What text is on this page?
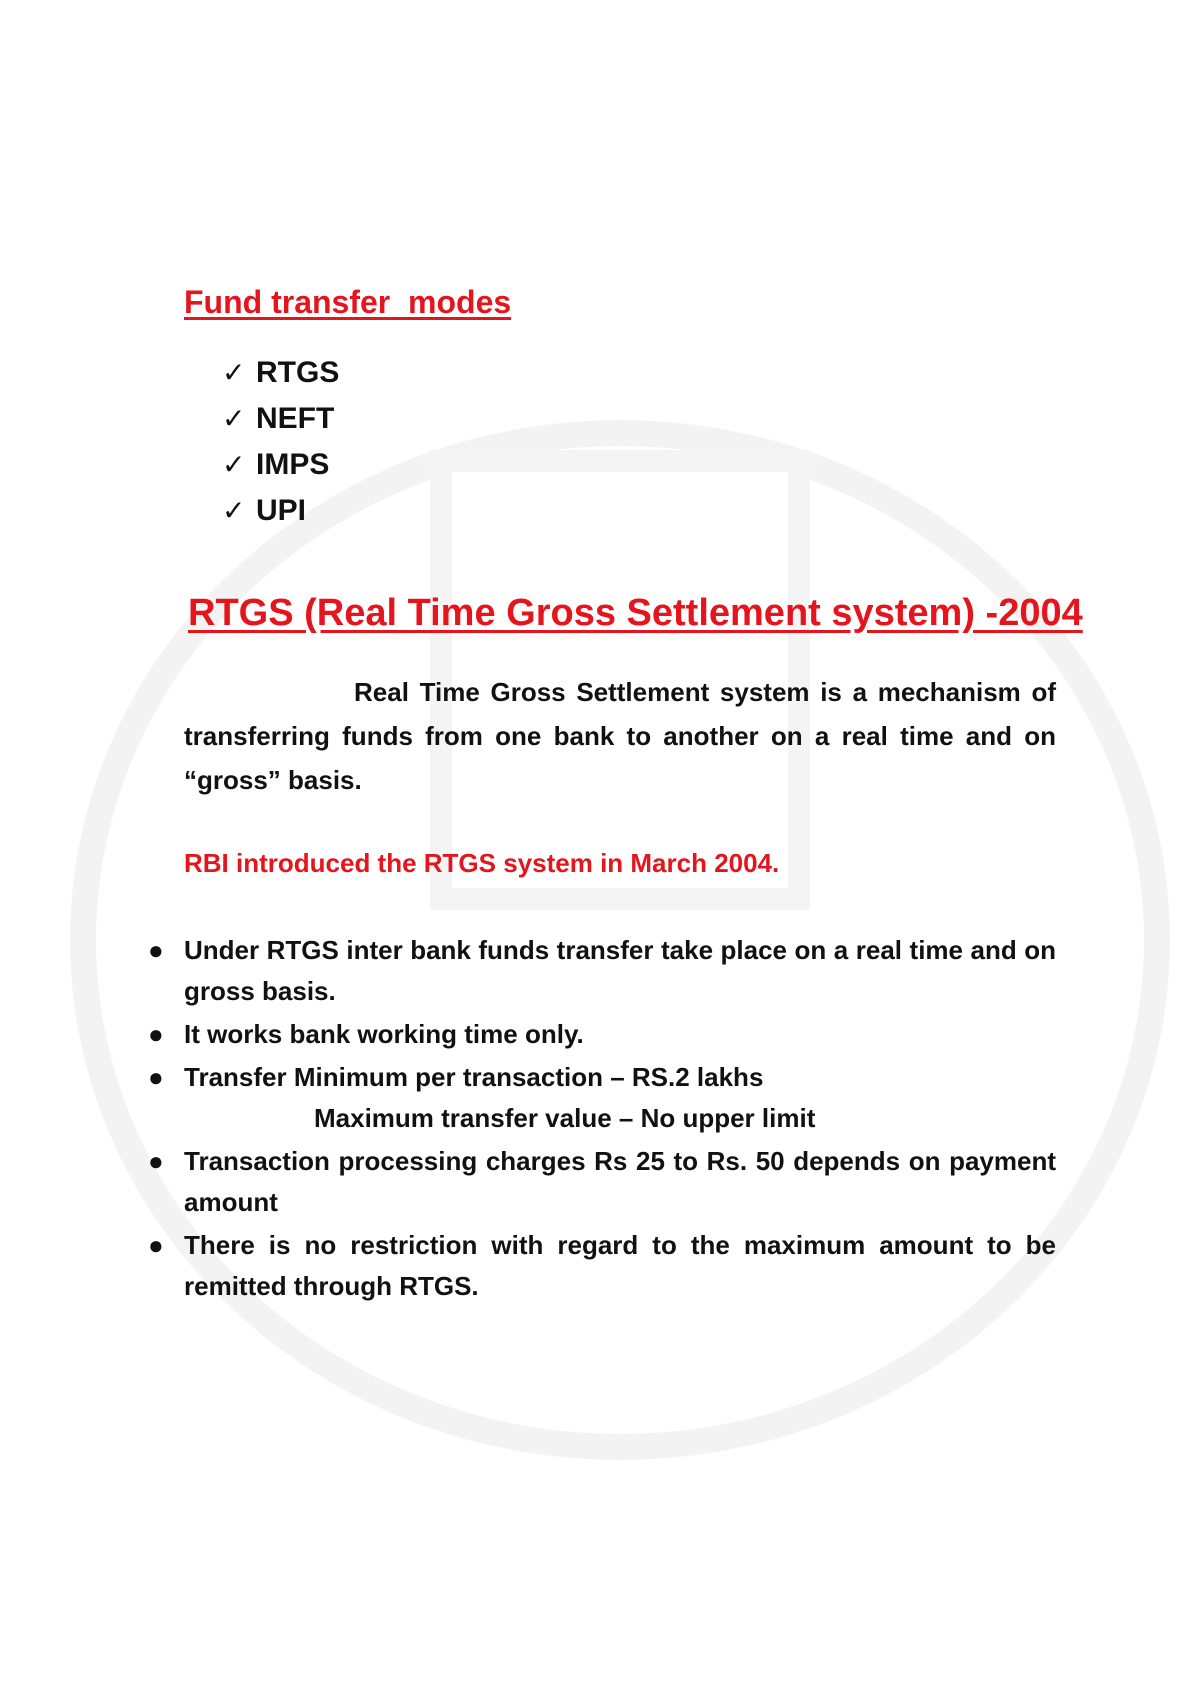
Fund transfer  modes
✓ RTGS
✓ NEFT
✓ IMPS
✓ UPI
RTGS (Real Time Gross Settlement system) -2004

Real Time Gross Settlement system is a mechanism of transferring funds from one bank to another on a real time and on “gross” basis.

RBI introduced the RTGS system in March 2004.

● Under RTGS inter bank funds transfer take place on a real time and on gross basis.
● It works bank working time only.
● Transfer Minimum per transaction – RS.2 lakhs
Maximum transfer value – No upper limit
● Transaction processing charges Rs 25 to Rs. 50 depends on payment amount
● There is no restriction with regard to the maximum amount to be remitted through RTGS.
